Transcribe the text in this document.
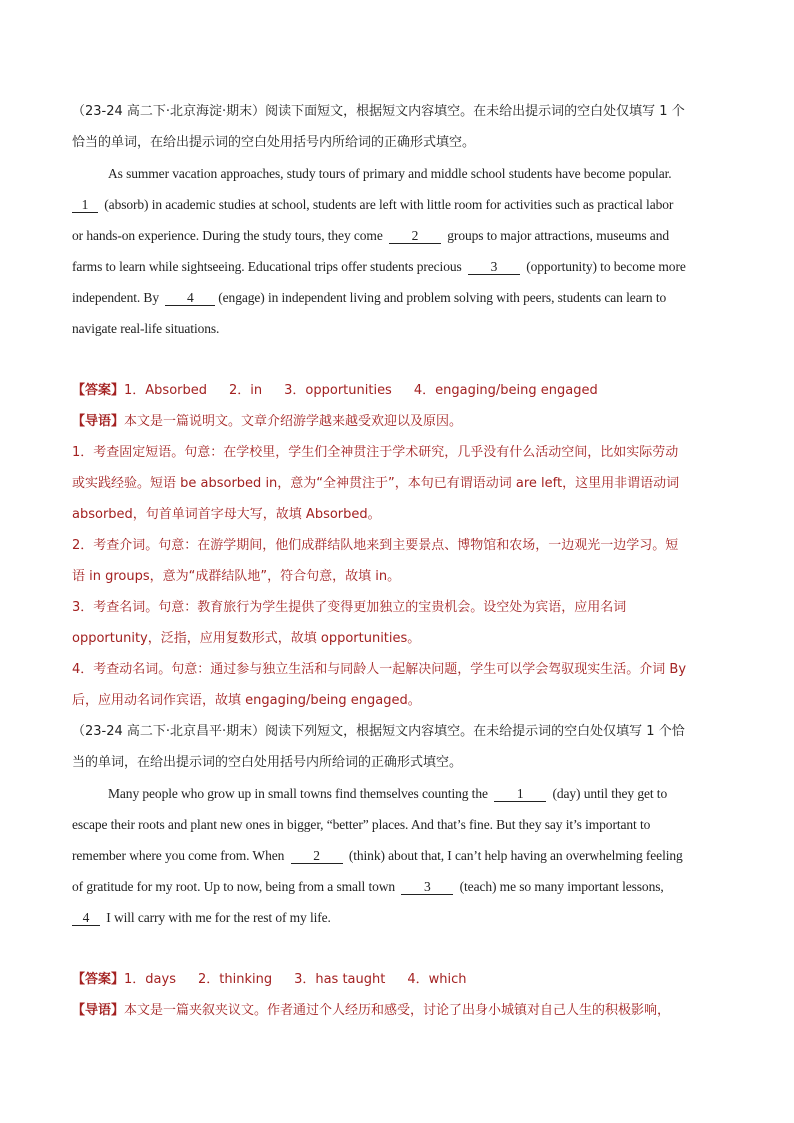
（23-24 高二下·北京海淀·期末）阅读下面短文，根据短文内容填空。在未给出提示词的空白处仅填写 1 个
恰当的单词，在给出提示词的空白处用括号内所给词的正确形式填空。
As summer vacation approaches, study tours of primary and middle school students have become popular.
1 (absorb) in academic studies at school, students are left with little room for activities such as practical labor
or hands-on experience. During the study tours, they come 2 groups to major attractions, museums and
farms to learn while sightseeing. Educational trips offer students precious 3 (opportunity) to become more
independent. By 4 (engage) in independent living and problem solving with peers, students can learn to
navigate real-life situations.
【答案】1．Absorbed 2．in 3．opportunities 4．engaging/being engaged
【导语】本文是一篇说明文。文章介绍游学越来越受欢迎以及原因。
1．考查固定短语。句意：在学校里，学生们全神贯注于学术研究，几乎没有什么活动空间，比如实际劳动
或实践经验。短语 be absorbed in，意为“全神贯注于”，本句已有谓语动词 are left，这里用非谓语动词
absorbed，句首单词首字母大写，故填 Absorbed。
2．考查介词。句意：在游学期间，他们成群结队地来到主要景点、博物馆和农场，一边观光一边学习。短
语 in groups，意为“成群结队地”，符合句意，故填 in。
3．考查名词。句意：教育旅行为学生提供了变得更加独立的宝贵机会。设空处为宾语，应用名词
opportunity，泛指，应用复数形式，故填 opportunities。
4．考查动名词。句意：通过参与独立生活和与同龄人一起解决问题，学生可以学会驾驭现实生活。介词 By
后，应用动名词作宾语，故填 engaging/being engaged。
（23-24 高二下·北京昌平·期末）阅读下列短文，根据短文内容填空。在未给提示词的空白处仅填写 1 个恰
当的单词，在给出提示词的空白处用括号内所给词的正确形式填空。
Many people who grow up in small towns find themselves counting the 1 (day) until they get to
escape their roots and plant new ones in bigger, “better” places. And that’s fine. But they say it’s important to
remember where you come from. When 2 (think) about that, I can’t help having an overwhelming feeling
of gratitude for my root. Up to now, being from a small town 3 (teach) me so many important lessons,
4 I will carry with me for the rest of my life.
【答案】1．days 2．thinking 3．has taught 4．which
【导语】本文是一篇夹叙夹议文。作者通过个人经历和感受，讨论了出身小城镇对自己人生的积极影响，
